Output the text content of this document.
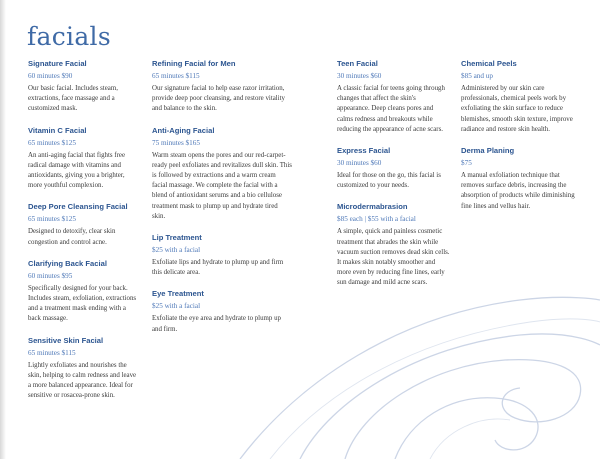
facials
Signature Facial
60 minutes $90

Our basic facial. Includes steam, extractions, face massage and a customized mask.

Vitamin C Facial
65 minutes $125

An anti-aging facial that fights free radical damage with vitamins and antioxidants, giving you a brighter, more youthful complexion.

Deep Pore Cleansing Facial
65 minutes $125

Designed to detoxify, clear skin congestion and control acne.

Clarifying Back Facial
60 minutes $95

Specifically designed for your back. Includes steam, exfoliation, extractions and a treatment mask ending with a back massage.

Sensitive Skin Facial
65 minutes $115

Lightly exfoliates and nourishes the skin, helping to calm redness and leave a more balanced appearance. Ideal for sensitive or rosacea-prone skin.

Refining Facial for Men
65 minutes $115

Our signature facial to help ease razor irritation, provide deep poor cleansing, and restore vitality and balance to the skin.

Anti-Aging Facial
75 minutes $165

Warm steam opens the pores and our red-carpet-ready peel exfoliates and revitalizes dull skin. This is followed by extractions and a warm cream facial massage. We complete the facial with a blend of antioxidant serums and a bio cellulose treatment mask to plump up and hydrate tired skin.

Lip Treatment
$25 with a facial

Exfoliate lips and hydrate to plump up and firm this delicate area.

Eye Treatment
$25 with a facial

Exfoliate the eye area and hydrate to plump up and firm.

Teen Facial
30 minutes $60

A classic facial for teens going through changes that affect the skin's appearance. Deep cleans pores and calms redness and breakouts while reducing the appearance of acne scars.

Express Facial
30 minutes $60

Ideal for those on the go, this facial is customized to your needs.

Microdermabrasion
$85 each | $55 with a facial

A simple, quick and painless cosmetic treatment that abrades the skin while vacuum suction removes dead skin cells. It makes skin notably smoother and more even by reducing fine lines, early sun damage and mild acne scars.

Chemical Peels
$85 and up

Administered by our skin care professionals, chemical peels work by exfoliating the skin surface to reduce blemishes, smooth skin texture, improve radiance and restore skin health.

Derma Planing
$75

A manual exfoliation technique that removes surface debris, increasing the absorption of products while diminishing fine lines and vellus hair.
